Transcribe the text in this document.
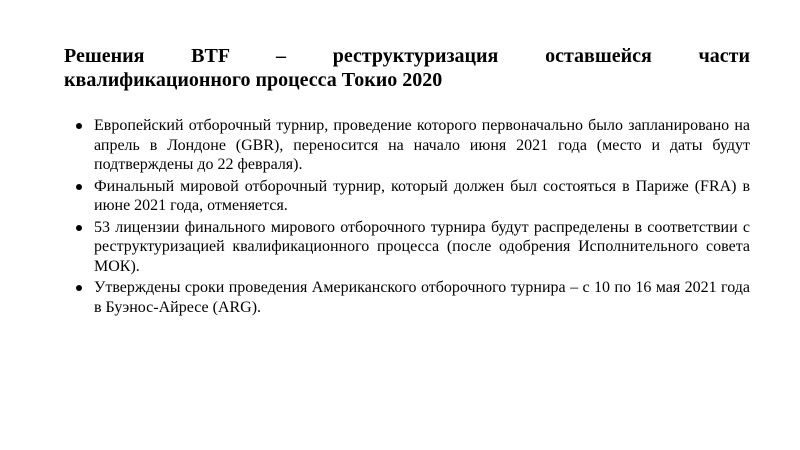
Решения BTF – реструктуризация оставшейся части
квалификационного процесса Токио 2020
Европейский отборочный турнир, проведение которого первоначально было запланировано на апрель в Лондоне (GBR), переносится на начало июня 2021 года (место и даты будут подтверждены до 22 февраля).
Финальный мировой отборочный турнир, который должен был состояться в Париже (FRA) в июне 2021 года, отменяется.
53 лицензии финального мирового отборочного турнира будут распределены в соответствии с реструктуризацией квалификационного процесса (после одобрения Исполнительного совета МОК).
Утверждены сроки проведения Американского отборочного турнира – с 10 по 16 мая 2021 года в Буэнос-Айресе (ARG).
